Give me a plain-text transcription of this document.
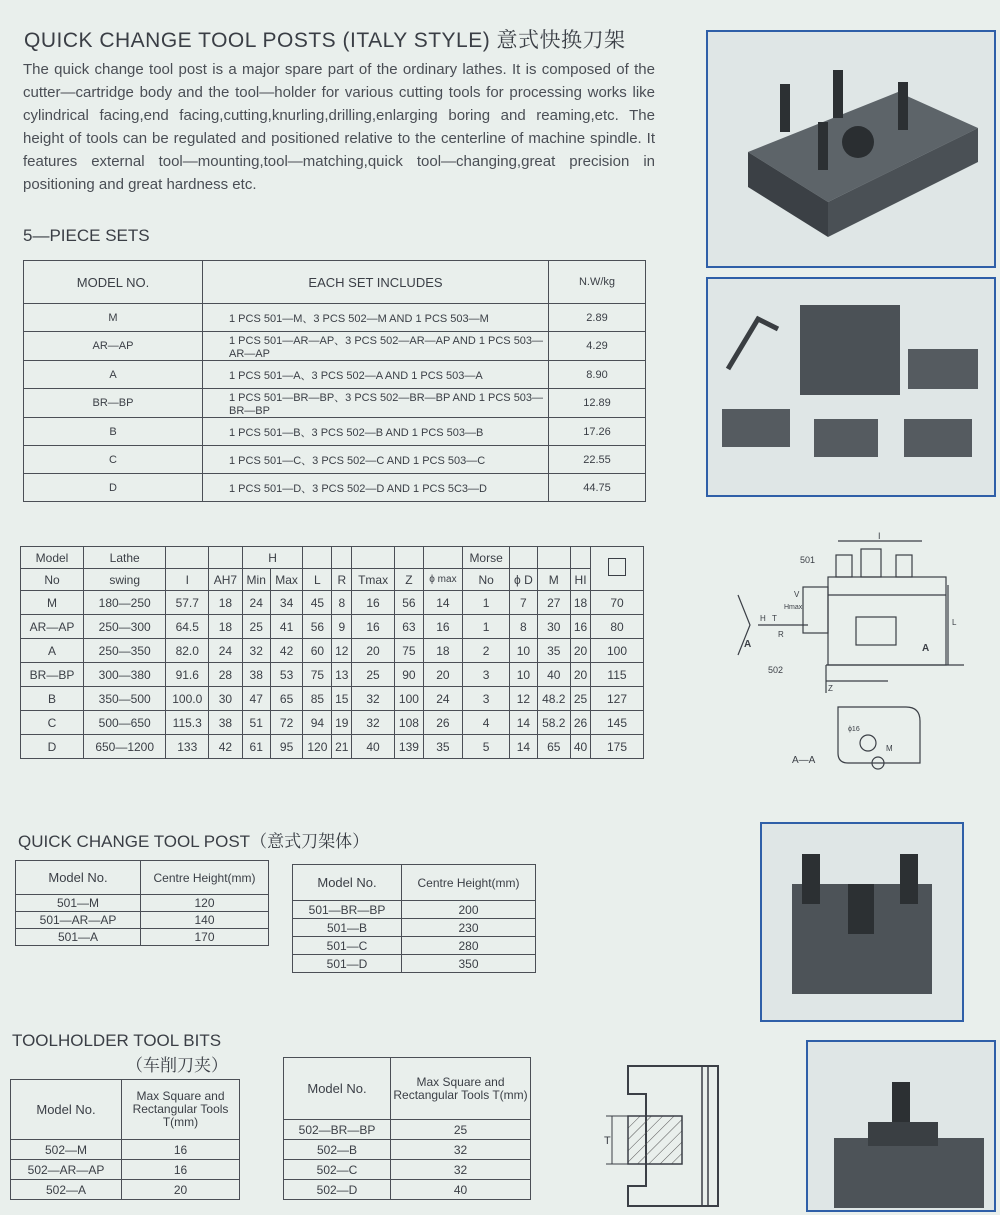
QUICK CHANGE TOOL POSTS (ITALY STYLE) 意式快换刀架
The quick change tool post is a major spare part of the ordinary lathes. It is composed of the cutter—cartridge body and the tool—holder for various cutting tools for processing works like cylindrical facing,end facing,cutting,knurling,drilling,enlarging boring and reaming,etc. The height of tools can be regulated and positioned relative to the centerline of machine spindle. It features external tool—mounting,tool—matching,quick tool—changing,great precision in positioning and great hardness etc.
5—PIECE SETS
MODEL NO.	EACH SET INCLUDES	N.W/kg
M	1 PCS 501—M、3 PCS 502—M AND 1 PCS 503—M	2.89
AR—AP	1 PCS 501—AR—AP、3 PCS 502—AR—AP AND 1 PCS 503—AR—AP	4.29
A	1 PCS 501—A、3 PCS 502—A AND 1 PCS 503—A	8.90
BR—BP	1 PCS 501—BR—BP、3 PCS 502—BR—BP AND 1 PCS 503—BR—BP	12.89
B	1 PCS 501—B、3 PCS 502—B AND 1 PCS 503—B	17.26
C	1 PCS 501—C、3 PCS 502—C AND 1 PCS 503—C	22.55
D	1 PCS 501—D、3 PCS 502—D AND 1 PCS 5C3—D	44.75
Model	Lathe			H							Morse				
No	swing	I	AH7	Min	Max	L	R	Tmax	Z	ϕ max	No	ϕ D	M	HI	
M	180—250	57.7	18	24	34	45	8	16	56	14	1	7	27	18	70
AR—AP	250—300	64.5	18	25	41	56	9	16	63	16	1	8	30	16	80
A	250—350	82.0	24	32	42	60	12	20	75	18	2	10	35	20	100
BR—BP	300—380	91.6	28	38	53	75	13	25	90	20	3	10	40	20	115
B	350—500	100.0	30	47	65	85	15	32	100	24	3	12	48.2	25	127
C	500—650	115.3	38	51	72	94	19	32	108	26	4	14	58.2	26	145
D	650—1200	133	42	61	95	120	21	40	139	35	5	14	65	40	175
QUICK CHANGE TOOL POST（意式刀架体）
Model No.	Centre Height(mm)
501—M	120
501—AR—AP	140
501—A	170
Model No.	Centre Height(mm)
501—BR—BP	200
501—B	230
501—C	280
501—D	350
TOOLHOLDER TOOL BITS
（车削刀夹）
Model No.	Max Square and Rectangular Tools T(mm)
502—M	16
502—AR—AP	16
502—A	20
Model No.	Max Square and Rectangular Tools T(mm)
502—BR—BP	25
502—B	32
502—C	32
502—D	40
T
501
I
502
A	A
A—A
H T
R
L
Z
M
V
Hmax
ϕ16
